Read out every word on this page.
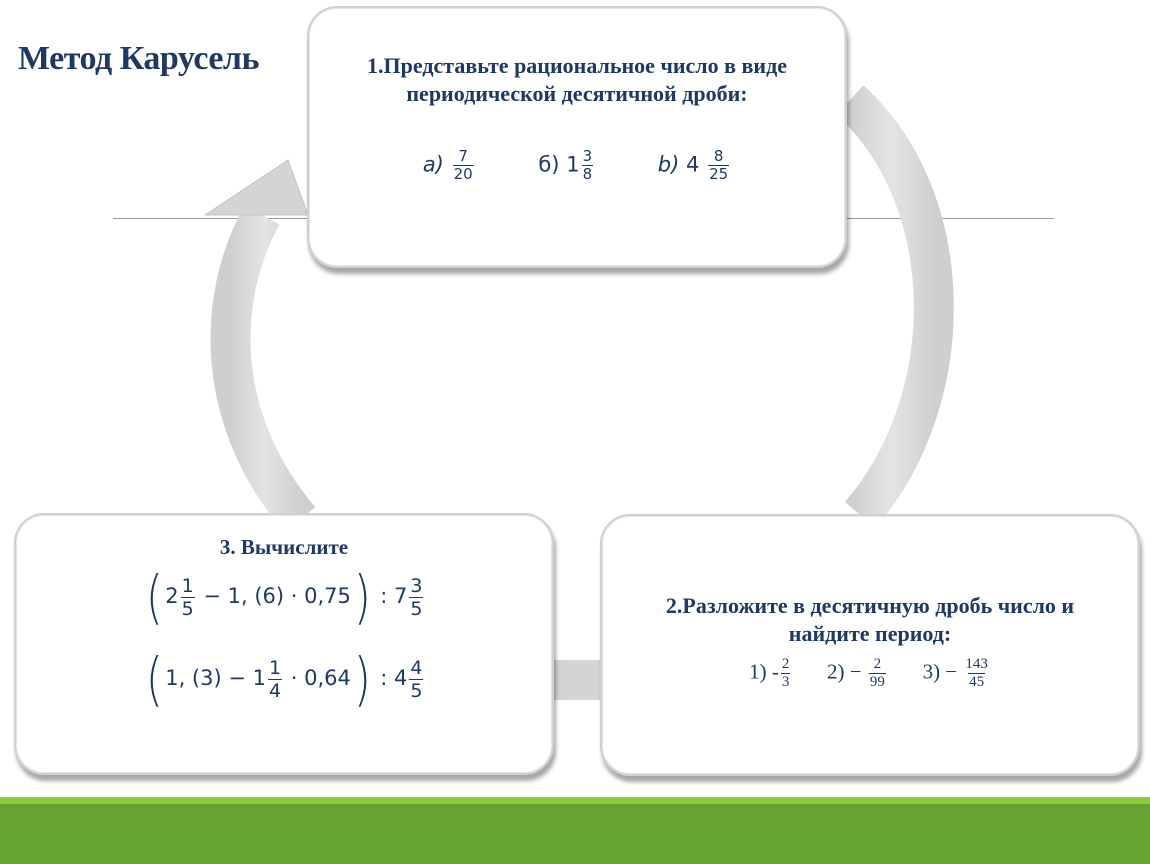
Метод Карусель	1.Представьте рациональное число в виде периодической десятичной дроби:
$a) \frac{7}{20}$	б) $1 \frac{3}{8}$	b) $4 \frac{8}{25}$
2.Разложите в десятичную дробь число и найдите период:
$1) - \frac{2}{3} 2) - \frac{2}{99} 3) - \frac{143}{45}$
3. Вычислите
( $2 \frac{1}{5} - 1$, (6) ⋅ 0,75) : $7 \frac{3}{5}$
( 1, $(3) - 1 \frac{1}{4} \cdot 0,64$) : $4 \frac{4}{5}$
